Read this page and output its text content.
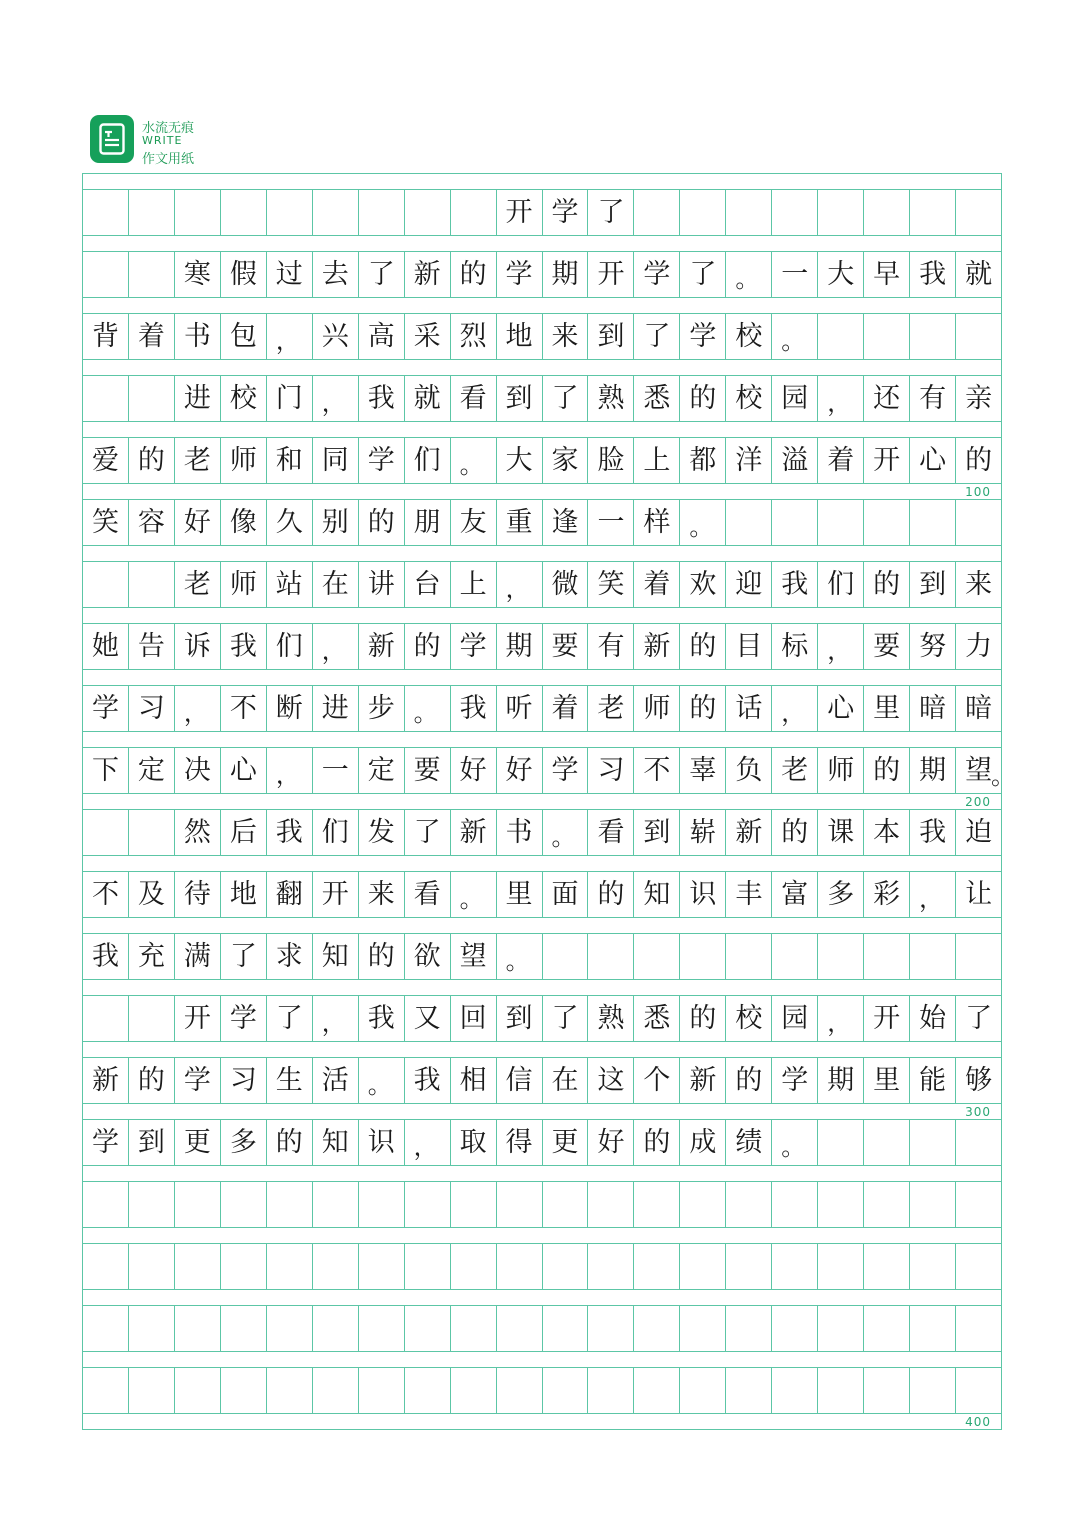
水流无痕
WRITE
作文用纸
100
200
300
400
开 学 了
寒 假 过 去 了 新 的 学 期 开 学 了 。 一 大 早 我 就
背 着 书 包 ， 兴 高 采 烈 地 来 到 了 学 校 。
进 校 门 ， 我 就 看 到 了 熟 悉 的 校 园 ， 还 有 亲
爱 的 老 师 和 同 学 们 。 大 家 脸 上 都 洋 溢 着 开 心 的
笑 容 好 像 久 别 的 朋 友 重 逢 一 样 。
老 师 站 在 讲 台 上 ， 微 笑 着 欢 迎 我 们 的 到 来
她 告 诉 我 们 ， 新 的 学 期 要 有 新 的 目 标 ， 要 努 力
学 习 ， 不 断 进 步 。 我 听 着 老 师 的 话 ， 心 里 暗 暗
下 定 决 心 ， 一 定 要 好 好 学 习 不 辜 负 老 师 的 期 望
。
然 后 我 们 发 了 新 书 。 看 到 崭 新 的 课 本 我 迫
不 及 待 地 翻 开 来 看 。 里 面 的 知 识 丰 富 多 彩 ， 让
我 充 满 了 求 知 的 欲 望 。
开 学 了 ， 我 又 回 到 了 熟 悉 的 校 园 ， 开 始 了
新 的 学 习 生 活 。 我 相 信 在 这 个 新 的 学 期 里 能 够
学 到 更 多 的 知 识 ， 取 得 更 好 的 成 绩 。
